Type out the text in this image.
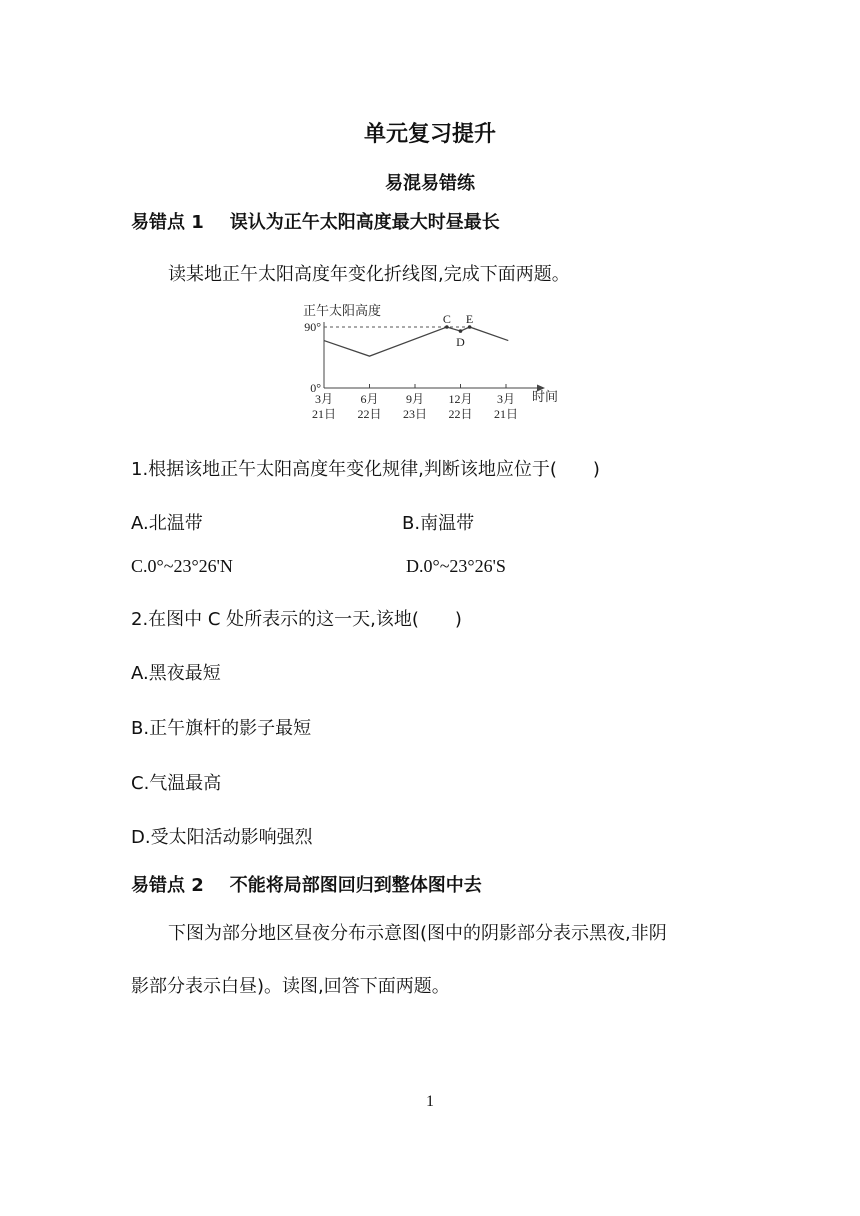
单元复习提升
易混易错练
易错点 1 误认为正午太阳高度最大时昼最长
读某地正午太阳高度年变化折线图,完成下面两题。
正午太阳高度
90°
0°
3月
21日
6月
22日
9月
23日
12月
22日
3月
21日
C
D
E
时间
1.根据该地正午太阳高度年变化规律,判断该地应位于(　　)
A.北温带	B.南温带
C.0°~23°26'N	D.0°~23°26'S
2.在图中 C 处所表示的这一天,该地(　　)
A.黑夜最短
B.正午旗杆的影子最短
C.气温最高
D.受太阳活动影响强烈
易错点 2 不能将局部图回归到整体图中去
下图为部分地区昼夜分布示意图(图中的阴影部分表示黑夜,非阴
影部分表示白昼)。读图,回答下面两题。
1
